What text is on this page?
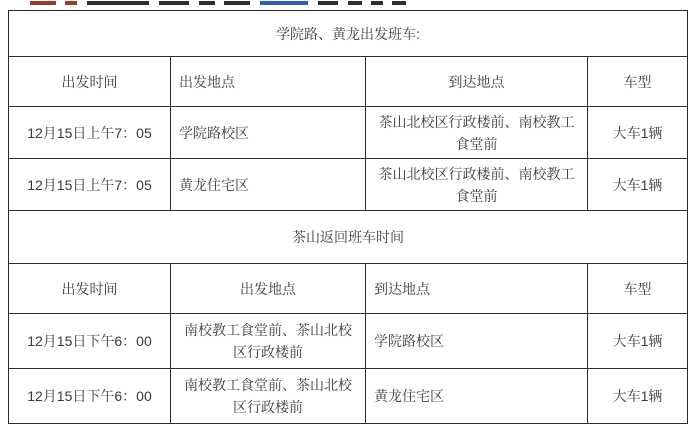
学院路、黄龙出发班车:			
出发时间	出发地点	到达地点	车型
12月15日上午7：05	学院路校区	茶山北校区行政楼前、南校教工食堂前	大车1辆
12月15日上午7：05	黄龙住宅区	茶山北校区行政楼前、南校教工食堂前	大车1辆
茶山返回班车时间			
出发时间	出发地点	到达地点	车型
12月15日下午6：00	南校教工食堂前、茶山北校区行政楼前	学院路校区	大车1辆
12月15日下午6：00	南校教工食堂前、茶山北校区行政楼前	黄龙住宅区	大车1辆
